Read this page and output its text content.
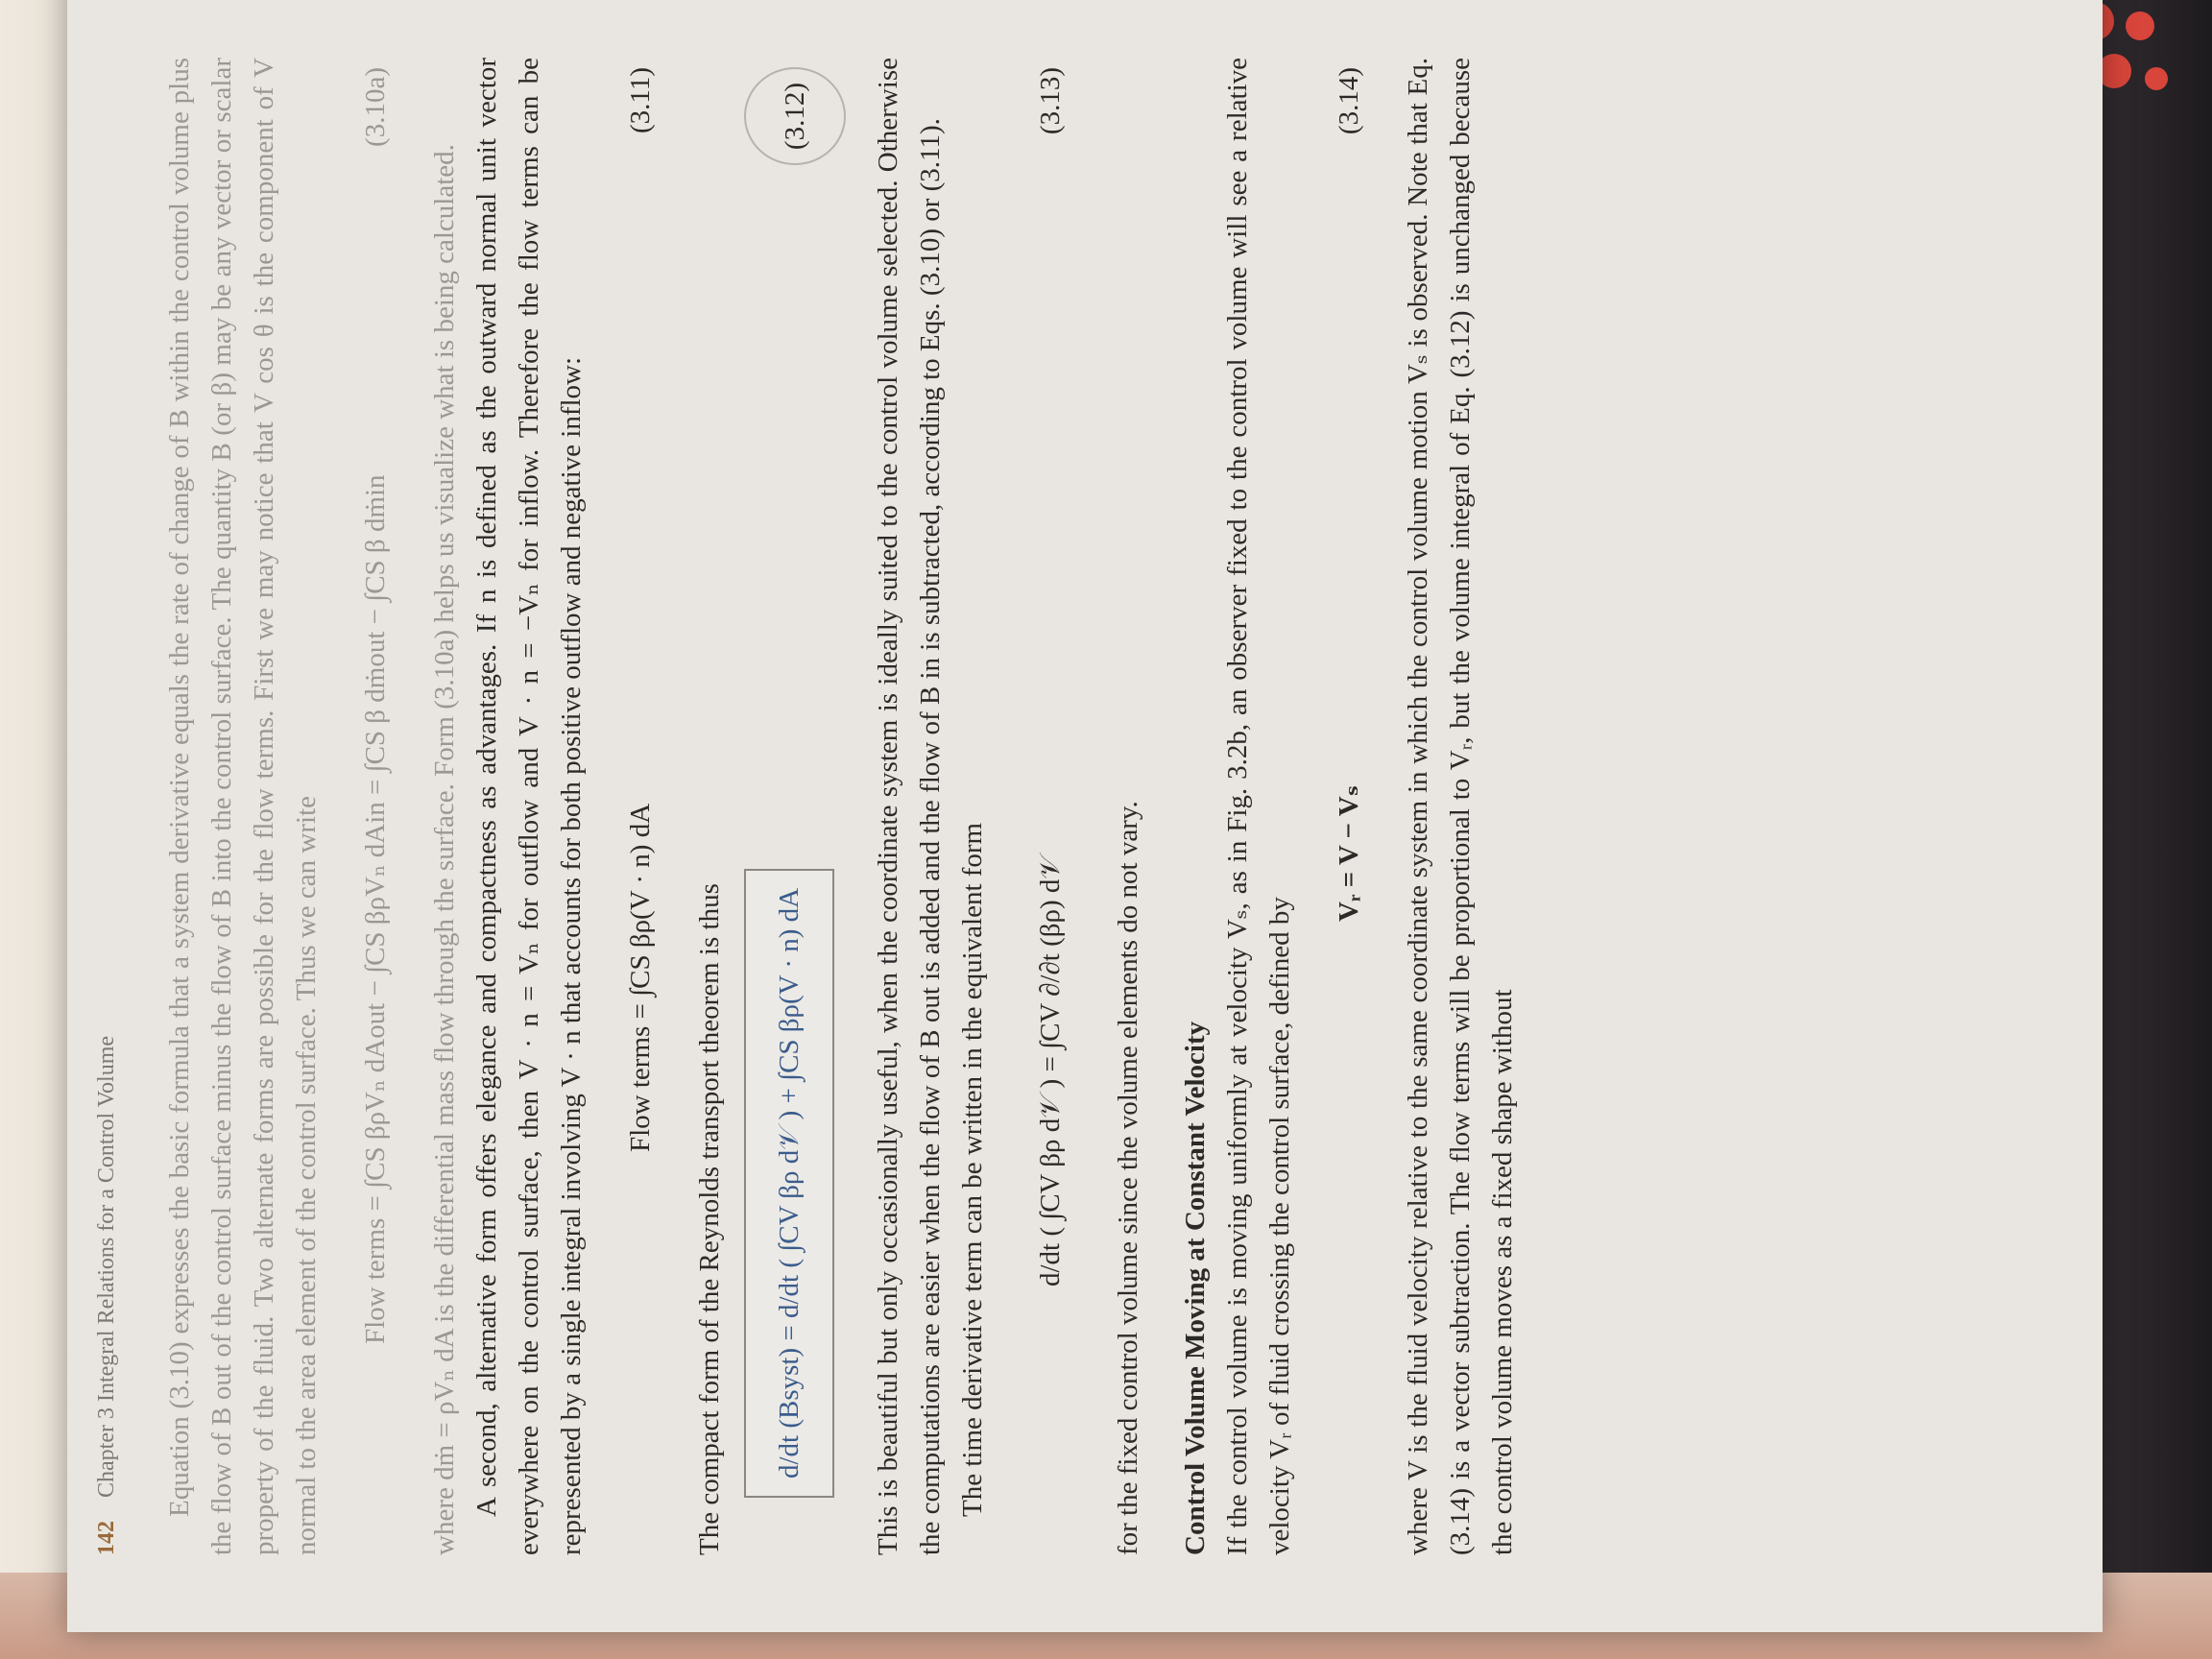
142 Chapter 3 Integral Relations for a Control Volume Equation (3.10) expresses the basic formula that a system derivative equals the rate of change of B within the control volume plus the flow of B out of the control surface minus the flow of B into the control surface. The quantity B (or β) may be any vector or scalar property of the fluid. Two alternate forms are possible for the flow terms. First we may notice that V cos θ is the component of V normal to the area element of the control surface. Thus we can write	Flow terms = ∫CS βρVₙ dAout − ∫CS βρVₙ dAin = ∫CS β dṁout − ∫CS β dṁin
(3.10a)

where dṁ = ρVₙ dA is the differential mass flow through the surface. Form (3.10a) helps us visualize what is being calculated. A second, alternative form offers elegance and compactness as advantages. If n is defined as the outward normal unit vector everywhere on the control surface, then V · n = Vₙ for outflow and V · n = −Vₙ for inflow. Therefore the flow terms can be represented by a single integral involving V · n that accounts for both positive outflow and negative inflow:	Flow terms = ∫CS βρ(V · n) dA
(3.11)

The compact form of the Reynolds transport theorem is thus	d/dt (Bsyst) = d/dt ( ∫CV βρ d𝒱 ) + ∫CS βρ(V · n) dA
(3.12)	This is beautiful but only occasionally useful, when the coordinate system is ideally suited to the control volume selected. Otherwise the computations are easier when the flow of B out is added and the flow of B in is subtracted, according to Eqs. (3.10) or (3.11). The time derivative term can be written in the equivalent form	d/dt ( ∫CV βρ d𝒱 ) = ∫CV ∂/∂t (βρ) d𝒱
(3.13)

for the fixed control volume since the volume elements do not vary. Control Volume Moving at Constant Velocity If the control volume is moving uniformly at velocity Vₛ, as in Fig. 3.2b, an observer fixed to the control volume will see a relative velocity Vᵣ of fluid crossing the control surface, defined by

Vᵣ = V − Vₛ
(3.14)	where V is the fluid velocity relative to the same coordinate system in which the control volume motion Vₛ is observed. Note that Eq. (3.14) is a vector subtraction. The flow terms will be proportional to Vᵣ, but the volume integral of Eq. (3.12) is unchanged because the control volume moves as a fixed shape without
